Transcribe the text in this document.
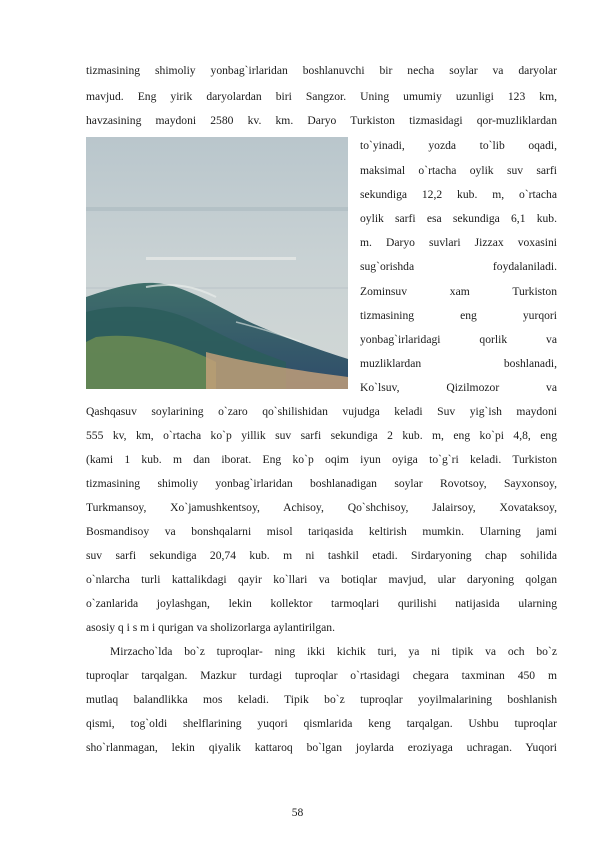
tizmasining shimoliy yonbag`irlaridan boshlanuvchi bir necha soylar va daryolar
mavjud. Eng yirik daryolardan biri Sangzor. Uning umumiy uzunligi 123 km,
havzasining maydoni 2580 kv. km. Daryo Turkiston tizmasidagi qor-muzliklardan
to`yinadi, yozda to`lib oqadi,
maksimal o`rtacha oylik suv sarfi
sekundiga 12,2 kub. m, o`rtacha
oylik sarfi esa sekundiga 6,1 kub.
m. Daryo suvlari Jizzax voxasini
sug`orishda foydalaniladi.
Zominsuv xam Turkiston
tizmasining eng yurqori
yonbag`irlaridagi qorlik va
muzliklardan boshlanadi,
Ko`lsuv, Qizilmozor va
Qashqasuv soylarining o`zaro qo`shilishidan vujudga keladi Suv yig`ish maydoni
555 kv, km, o`rtacha ko`p yillik suv sarfi sekundiga 2 kub. m, eng ko`pi 4,8, eng
(kami 1 kub. m dan iborat. Eng ko`p oqim iyun oyiga to`g`ri keladi. Turkiston
tizmasining shimoliy yonbag`irlaridan boshlanadigan soylar Rovotsoy, Sayxonsoy,
Turkmansoy, Xo`jamushkentsoy, Achisoy, Qo`shchisoy, Jalairsoy, Xovataksoy,
Bosmandisoy va bonshqalarni misol tariqasida keltirish mumkin. Ularning jami
suv sarfi sekundiga 20,74 kub. m ni tashkil etadi. Sirdaryoning chap sohilida
o`nlarcha turli kattalikdagi qayir ko`llari va botiqlar mavjud, ular daryoning qolgan
o`zanlarida joylashgan, lekin kollektor tarmoqlari qurilishi natijasida ularning
asosiy q i s m i qurigan va sholizorlarga aylantirilgan.
Mirzacho`lda bo`z tuproqlar- ning ikki kichik turi, ya ni tipik va och bo`z
tuproqlar tarqalgan. Mazkur turdagi tuproqlar o`rtasidagi chegara taxminan 450 m
mutlaq balandlikka mos keladi. Tipik bo`z tuproqlar yoyilmalarining boshlanish
qismi, tog`oldi shelflarining yuqori qismlarida keng tarqalgan. Ushbu tuproqlar
sho`rlanmagan, lekin qiyalik kattaroq bo`lgan joylarda eroziyaga uchragan. Yuqori
58
